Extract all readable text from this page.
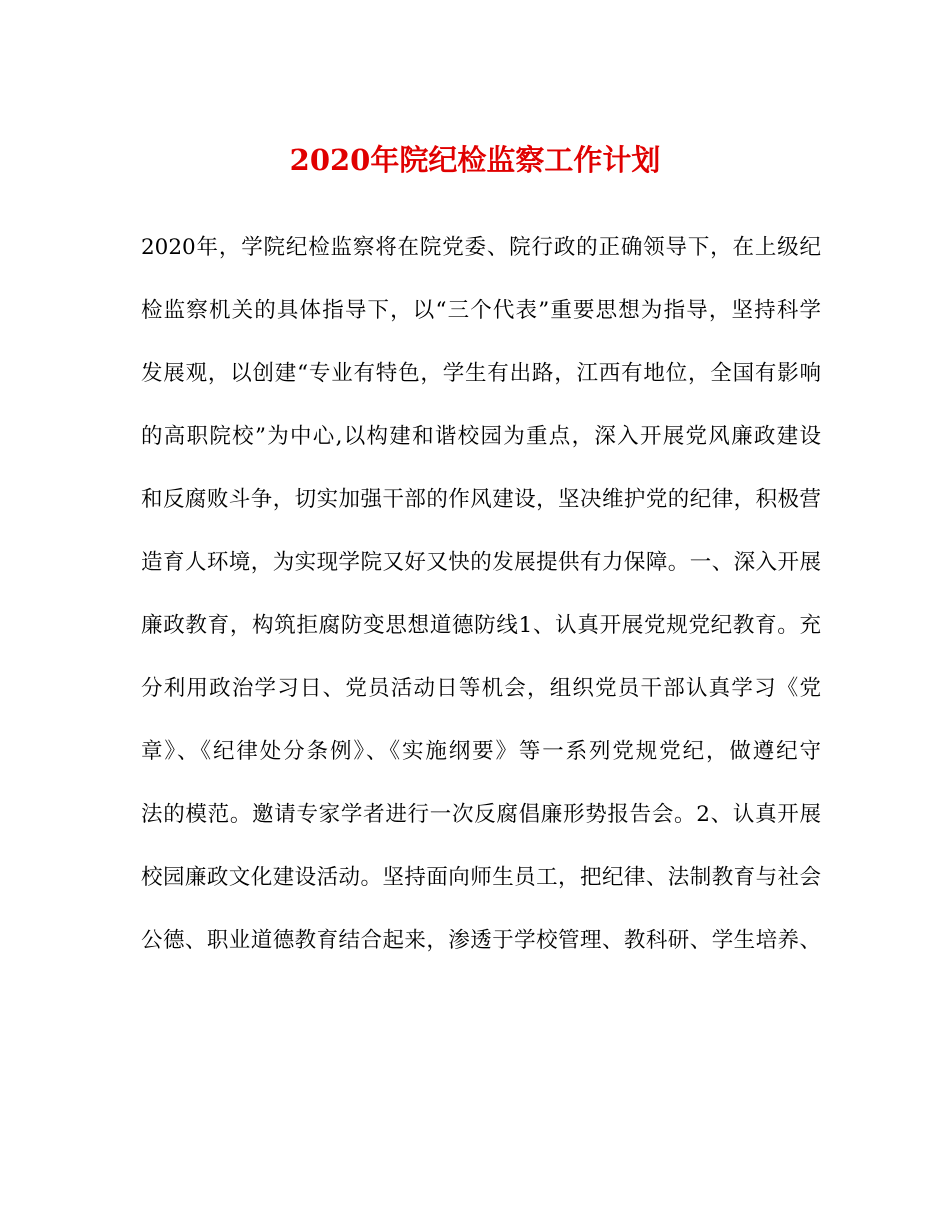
2020年院纪检监察工作计划
2020年，学院纪检监察将在院党委、院行政的正确领导下，在上级纪
检监察机关的具体指导下，以“三个代表”重要思想为指导，坚持科学
发展观，以创建“专业有特色，学生有出路，江西有地位，全国有影响
的高职院校”为中心,以构建和谐校园为重点，深入开展党风廉政建设
和反腐败斗争，切实加强干部的作风建设，坚决维护党的纪律，积极营
造育人环境，为实现学院又好又快的发展提供有力保障。一、深入开展
廉政教育，构筑拒腐防变思想道德防线1、认真开展党规党纪教育。充
分利用政治学习日、党员活动日等机会，组织党员干部认真学习《党
章》、《纪律处分条例》、《实施纲要》等一系列党规党纪，做遵纪守
法的模范。邀请专家学者进行一次反腐倡廉形势报告会。2、认真开展
校园廉政文化建设活动。坚持面向师生员工，把纪律、法制教育与社会
公德、职业道德教育结合起来，渗透于学校管理、教科研、学生培养、
